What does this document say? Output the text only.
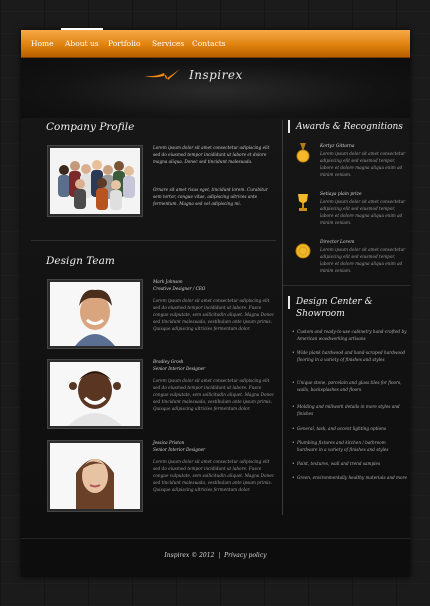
Home About us Portfolio Services Contacts
Inspirex
Company Profile
Lorem ipsum dolor sit amet consectetur adipiscing elit sed do eiusmod tempor incididunt ut labore et dolore magna aliqua. Donec sed tincidunt malesuada.
Ornare sit amet risus eget, tincidunt lorem. Curabitur sem tortor, congue vitae, adipiscing ultrices ante fermentum. Magna sed vel adipiscing mi.
Design Team
Mark Johnson
Creative Designer / CEO
Lorem ipsum dolor sit amet consectetur adipiscing elit sed do eiusmod tempor incididunt ut labore. Fusce congue vulputate, sem sollicitudin aliquet. Magna Donec sed tincidunt malesuada, vestibulum ante ipsum primis. Quisque adipiscing ultricies fermentum dolor.
Bradley Grosh
Senior Interior Designer
Lorem ipsum dolor sit amet consectetur adipiscing elit sed do eiusmod tempor incididunt ut labore. Fusce congue vulputate, sem sollicitudin aliquet. Magna Donec sed tincidunt malesuada, vestibulum ante ipsum primis. Quisque adipiscing ultricies fermentum dolor.
Jessica Priston
Senior Interior Designer
Lorem ipsum dolor sit amet consectetur adipiscing elit sed do eiusmod tempor incididunt ut labore. Fusce congue vulputate, sem sollicitudin aliquet. Magna Donec sed tincidunt malesuada, vestibulum ante ipsum primis. Quisque adipiscing ultricies fermentum dolor.
Awards & Recognitions
Kortyz Gittarna
Lorem ipsum dolor sit amet consectetur adipiscing elit sed eiusmod tempor, labore et dolore magna aliqua enim ad minim veniam.
Setiaya plain prize
Lorem ipsum dolor sit amet consectetur adipiscing elit sed eiusmod tempor, labore et dolore magna aliqua enim ad minim veniam.
Director Lorem
Lorem ipsum dolor sit amet consectetur adipiscing elit sed eiusmod tempor, labore et dolore magna aliqua enim ad minim veniam.
Design Center & Showroom
• Custom and ready-to-use cabinetry hand-crafted by American woodworking artisans
• Wide plank hardwood and hand-scraped hardwood flooring in a variety of finishes and styles
• Unique stone, porcelain and glass tiles for floors, walls, backsplashes and floors
• Molding and millwork details in more styles and finishes
• General, task, and accent lighting options
• Plumbing fixtures and kitchen / bathroom hardware in a variety of finishes and styles
• Paint, textures, wall and trend samples
• Green, environmentally healthy materials and more
Inspirex © 2012 | Privacy policy
